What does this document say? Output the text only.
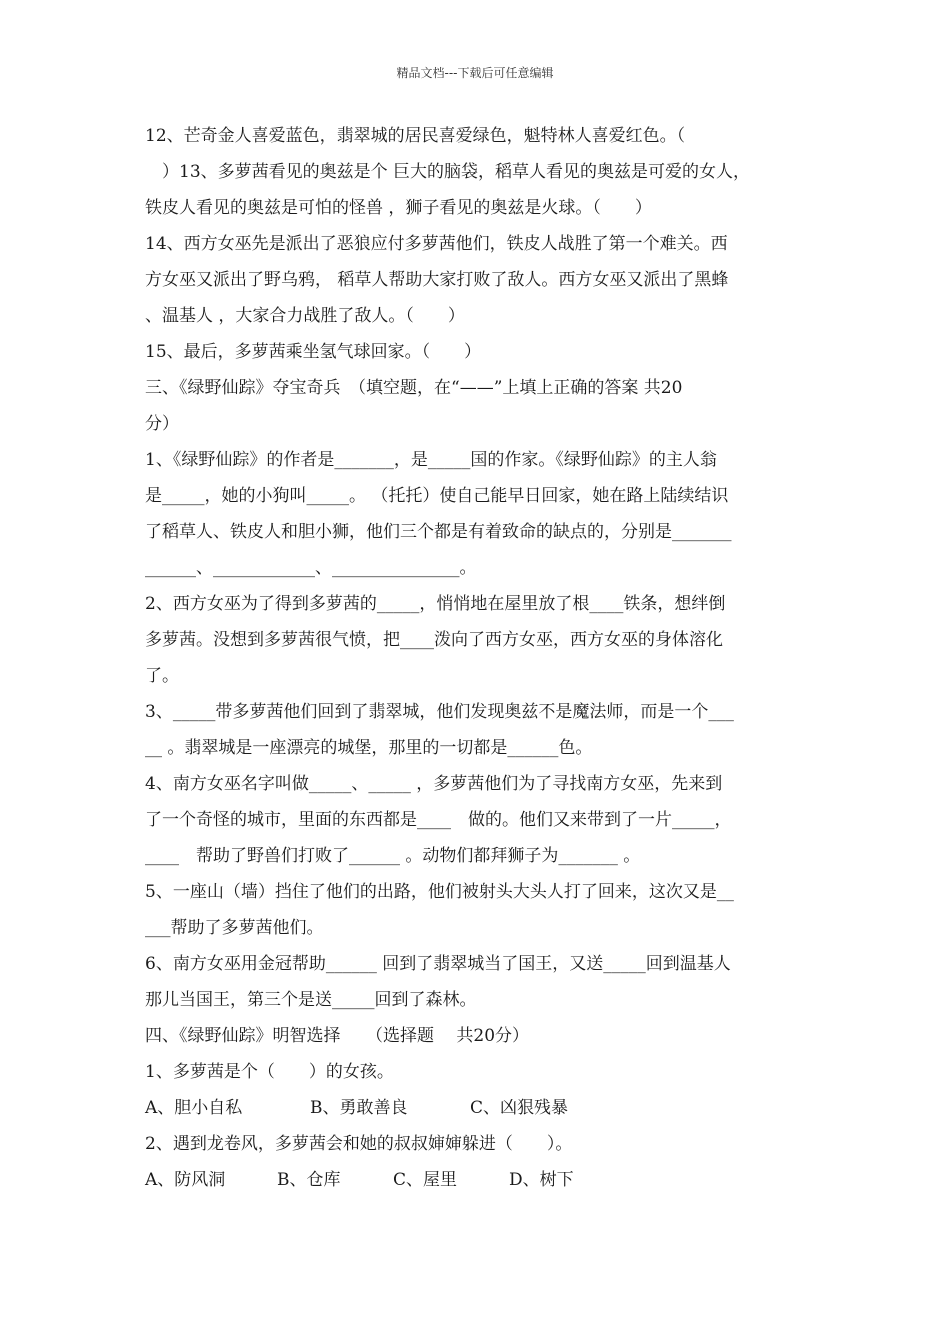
精品文档---下载后可任意编辑
12、芒奇金人喜爱蓝色，翡翠城的居民喜爱绿色，魁特林人喜爱红色。（
　）13、多萝茜看见的奥兹是个 巨大的脑袋，稻草人看见的奥兹是可爱的女人，
铁皮人看见的奥兹是可怕的怪兽 ，狮子看见的奥兹是火球。（　　）
14、西方女巫先是派出了恶狼应付多萝茜他们，铁皮人战胜了第一个难关。西
方女巫又派出了野乌鸦， 稻草人帮助大家打败了敌人。西方女巫又派出了黑蜂
、温基人 ，大家合力战胜了敌人。（　　）
15、最后，多萝茜乘坐氢气球回家。（　　）
三、《绿野仙踪》夺宝奇兵　（填空题，在“——”上填上正确的答案 共20
分）
1、《绿野仙踪》的作者是_______，是_____国的作家。《绿野仙踪》的主人翁
是_____，她的小狗叫_____。 （托托）使自己能早日回家，她在路上陆续结识
了稻草人、铁皮人和胆小狮，他们三个都是有着致命的缺点的，分别是_______
______、____________、_______________。
2、西方女巫为了得到多萝茜的_____，悄悄地在屋里放了根____铁条，想绊倒
多萝茜。没想到多萝茜很气愤，把____泼向了西方女巫，西方女巫的身体溶化
了。
3、_____带多萝茜他们回到了翡翠城，他们发现奥兹不是魔法师，而是一个___
__ 。翡翠城是一座漂亮的城堡，那里的一切都是______色。
4、南方女巫名字叫做_____、_____ ，多萝茜他们为了寻找南方女巫，先来到
了一个奇怪的城市，里面的东西都是____　做的。他们又来带到了一片_____，
____　帮助了野兽们打败了______ 。动物们都拜狮子为_______ 。
5、一座山（墙）挡住了他们的出路，他们被射头大头人打了回来，这次又是__
___帮助了多萝茜他们。
6、南方女巫用金冠帮助______ 回到了翡翠城当了国王，又送_____回到温基人
那儿当国王，第三个是送_____回到了森林。
四、《绿野仙踪》明智选择　　（选择题　 共20分）
1、多萝茜是个（　　）的女孩。
A、胆小自私	B、勇敢善良	C、凶狠残暴
2、遇到龙卷风，多萝茜会和她的叔叔婶婶躲进（　　）。
A、防风洞	B、仓库	C、屋里	D、树下
